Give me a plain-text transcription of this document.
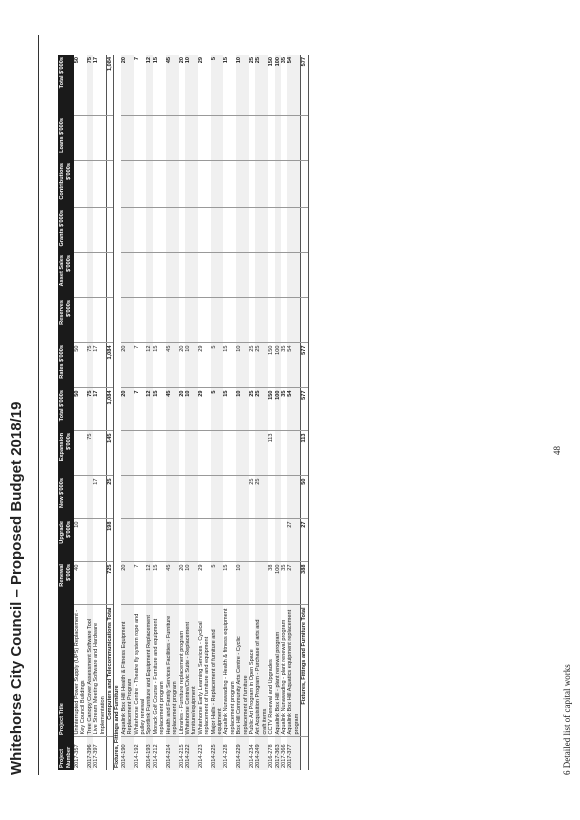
Whitehorse City Council – Proposed Budget 2018/19	Project Number	Project Title	Renewal $'000s	Upgrade $'000s	New $'000s	Expansion $'000s	Total $'000s	Rates $'000s	Reserves $'000s	Asset Sales $'000s	Grants $'000s	Contributions $'000s	Loans $'000s	Total $'000s
2017-357	Uninterrupted Power Supply (UPS) Replacement - Key Council Buildings	40	10			50	50						50
2017-396	Tree Canopy Cover Assessment Software Tool				75	75	75						75
2017-397	Live Stream Meeting Software and Hardware Implementation			17		17	17						17
	Computers and Telecommunications Total	725	198	25	145	1,084	1,084						1,084
Fixtures, Fittings and Furniture													
2014-190	Aqualink Box Hill Health & Fitness Equipment Replacement Program	20				20	20						20
2014-192	Whitehorse Centre - Theatre fly system rope and pulley renewal	7				7	7						7
2014-193	Sportlink Furniture and Equipment Replacement	12				12	12						12
2014-212	Morack Golf Course - Furniture and equipment replacement program	15				15	15						15
2014-214	Health and Family Services Facilities - Furniture replacement program	45				45	45						45
2014-215	Libraries - Furniture replacement program	20				20	20						20
2014-222	Whitehorse Centre/Civic Suite - Replacement furniture/equipment	10				10	10						10
2014-223	Whitehorse Early Learning Services - Cyclical replacement of furniture and equipment	29				29	29						29
2014-225	Major Halls - Replacement of furniture and equipment	5				5	5						5
2014-228	Aqualink Nunawading - Health & fitness equipment replacement program	15				15	15						15
2014-229	Box Hill Community Arts Centre - Cyclic replacement of furniture	10				10	10						10
2014-234	Public Art Program in Open Space			25		25	25						25
2014-249	Art Acquisition Program - Purchase of arts and craft items			25		25	25						25
2016-278	CCTV Renewal and Upgrades	38			113	150	150						150
2017-363	Aqualink Box Hill - plant renewal program	100				100	100						100
2017-366	Aqualink Nunawading - plant renewal program	35				35	35						35
2017-377	Aqualink Box Hill Aquatics equipment replacement program	27	27			54	54						54
	Fixtures, Fittings and Furniture Total	388	27	50	113	577	577						577
48
6 Detailed list of capital works
